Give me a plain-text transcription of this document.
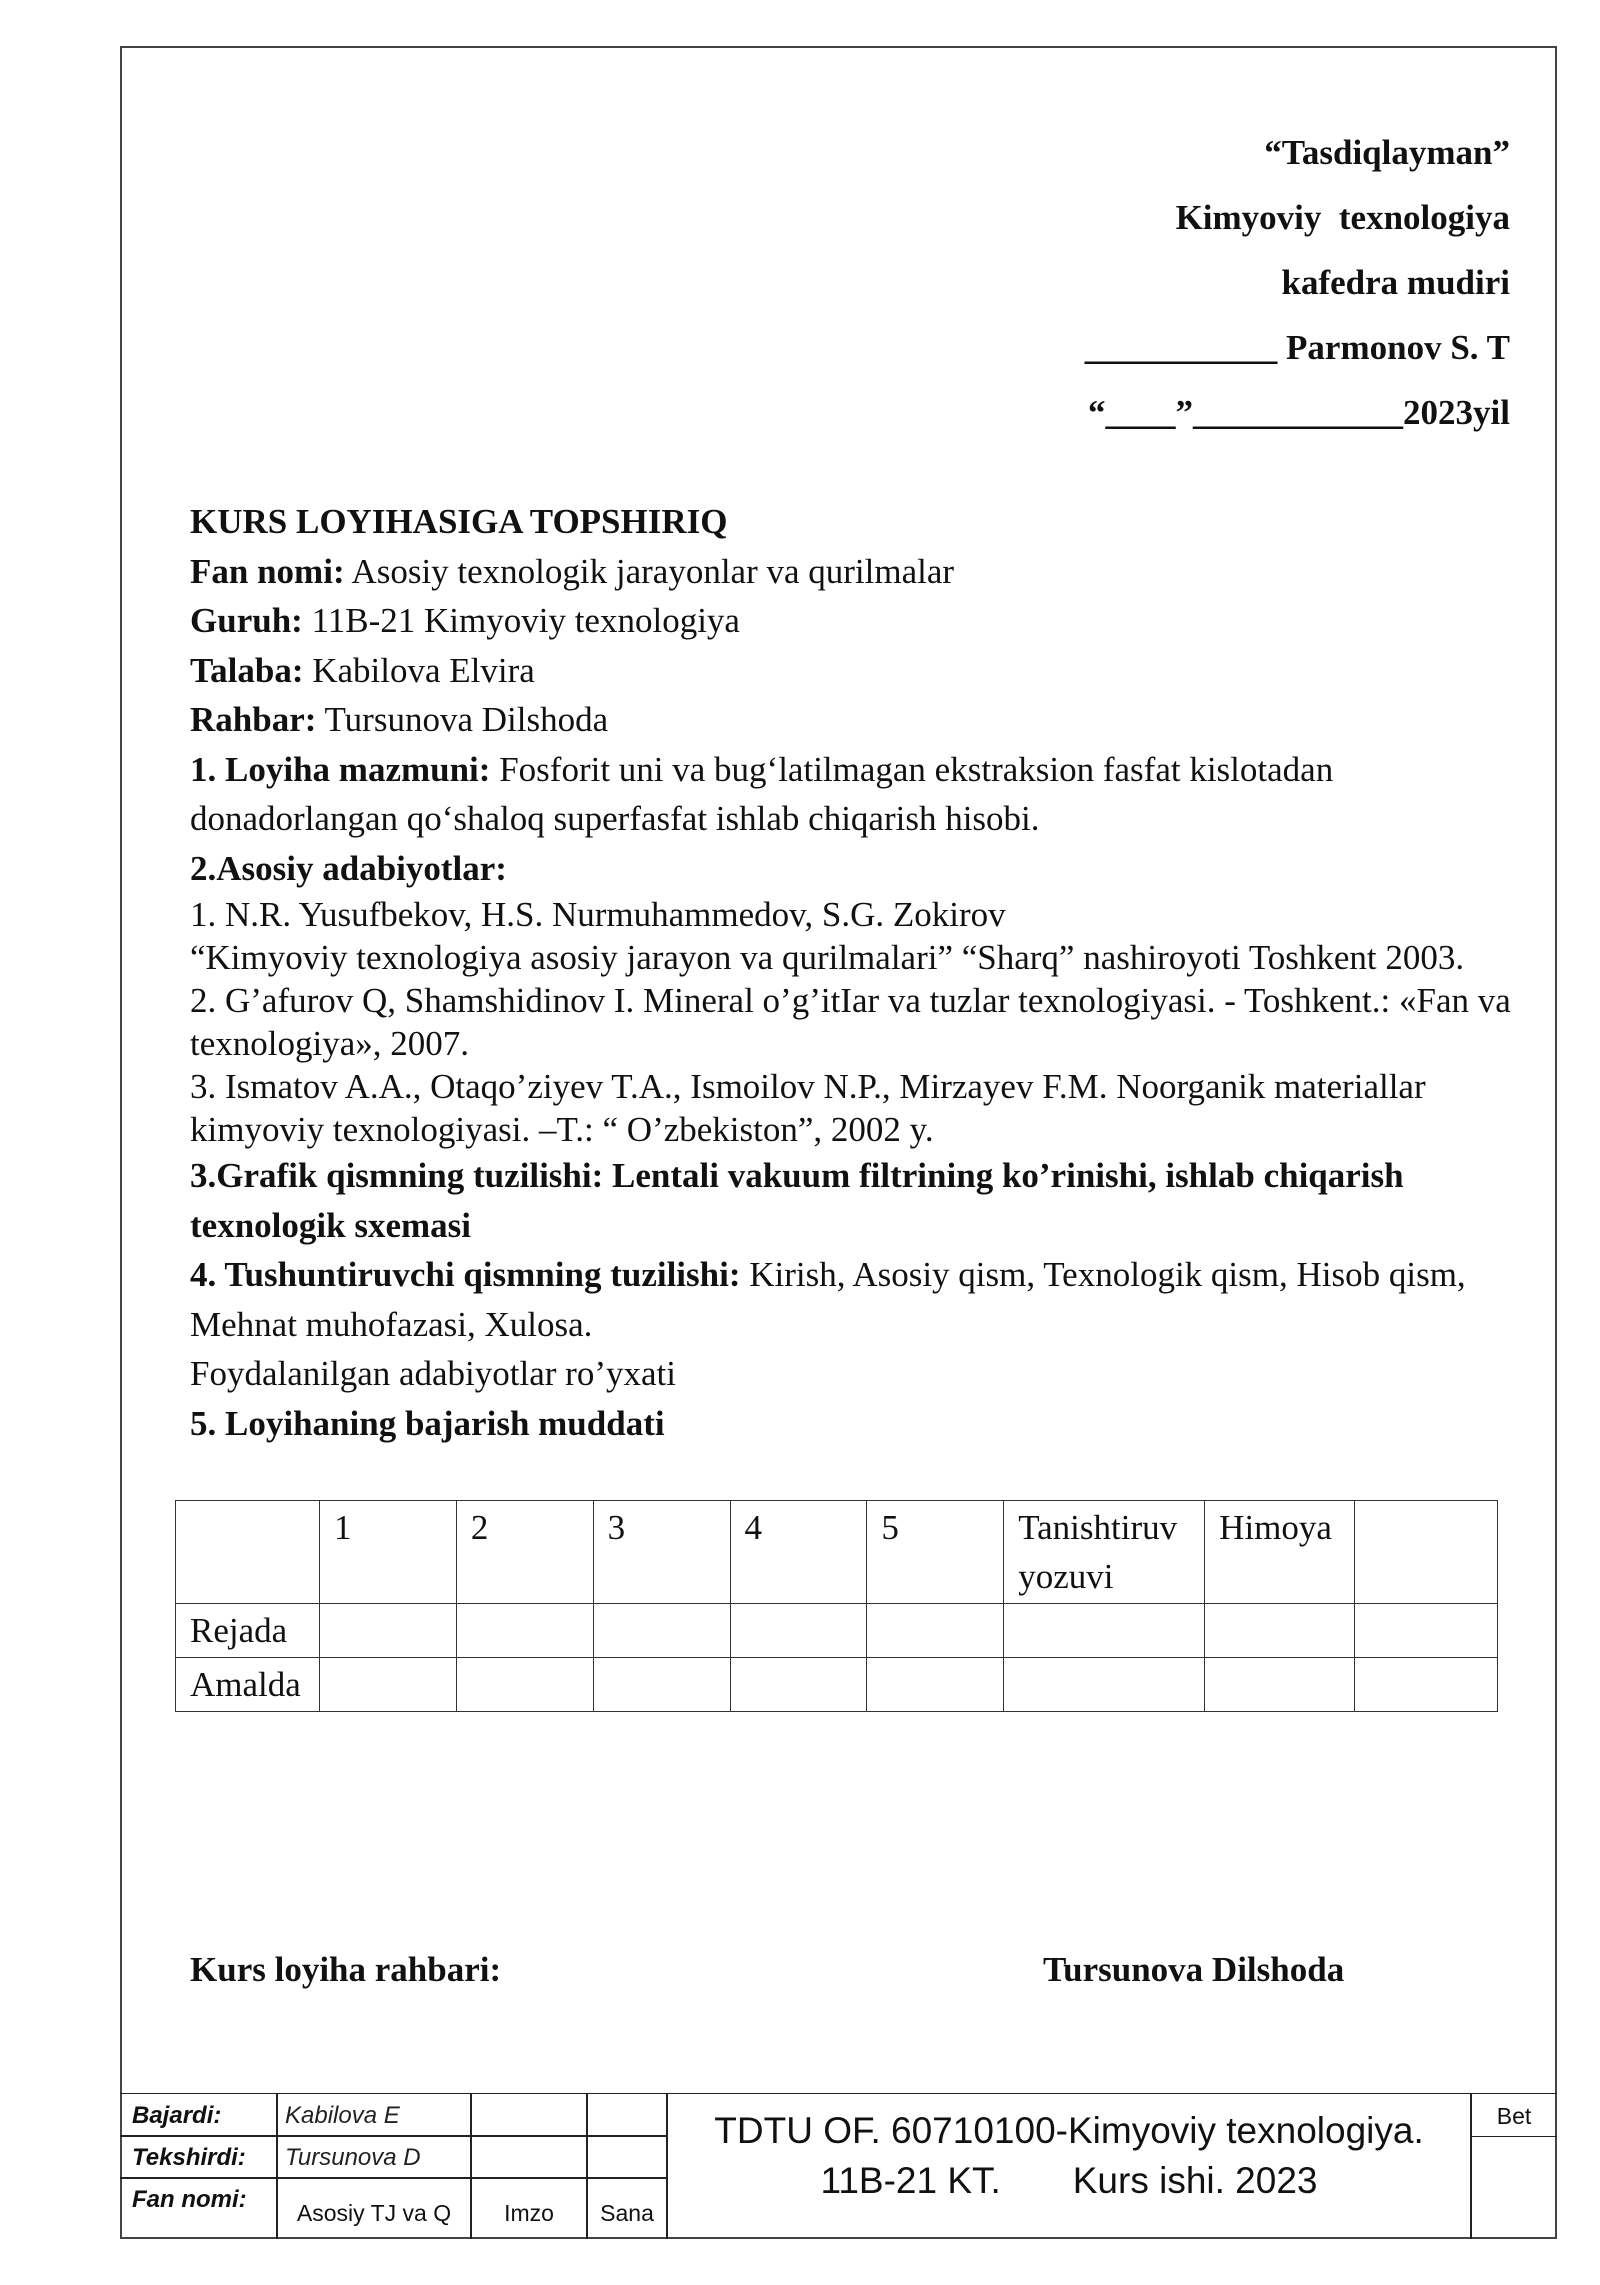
“Tasdiqlayman”
Kimyoviy  texnologiya
kafedra mudiri
___________ Parmonov S. T
“____”____________2023yil

KURS LOYIHASIGA TOPSHIRIQ

Fan nomi: Asosiy texnologik jarayonlar va qurilmalar

Guruh: 11B-21 Kimyoviy texnologiya

Talaba: Kabilova Elvira

Rahbar: Tursunova Dilshoda

1. Loyiha mazmuni: Fosforit uni va bug‘latilmagan ekstraksion fasfat kislotadan donadorlangan qo‘shaloq superfasfat ishlab chiqarish hisobi.

2.Asosiy adabiyotlar:

1. N.R. Yusufbekov, H.S. Nurmuhammedov, S.G. Zokirov

“Kimyoviy texnologiya asosiy jarayon va qurilmalari” “Sharq” nashiroyoti Toshkent 2003.

2. G’afurov Q, Shamshidinov I. Mineral o’g’itIar va tuzlar texnologiyasi. - Toshkent.: «Fan va texnologiya», 2007.

3. Ismatov A.A., Otaqo’ziyev T.A., Ismoilov N.P., Mirzayev F.M. Noorganik materiallar kimyoviy texnologiyasi. –T.: “ O’zbekiston”, 2002 y.

3.Grafik qismning tuzilishi: Lentali vakuum filtrining ko’rinishi, ishlab chiqarish texnologik sxemasi

4. Tushuntiruvchi qismning tuzilishi: Kirish, Asosiy qism, Texnologik qism, Hisob qism, Mehnat muhofazasi, Xulosa.

Foydalanilgan adabiyotlar ro’yxati

5. Loyihaning bajarish muddati

	1	2	3	4	5	Tanishtiruv yozuvi	Himoya	
Rejada								
Amalda								
Kurs loyiha rahbari:	Tursunova Dilshoda
Bajardi:	Kabilova E
Tekshirdi:	Tursunova D
Fan nomi:	Asosiy TJ va Q	Imzo	Sana
TDTU OF. 60710100-Kimyoviy texnologiya.
11B-21 KT.       Kurs ishi. 2023
Bet
